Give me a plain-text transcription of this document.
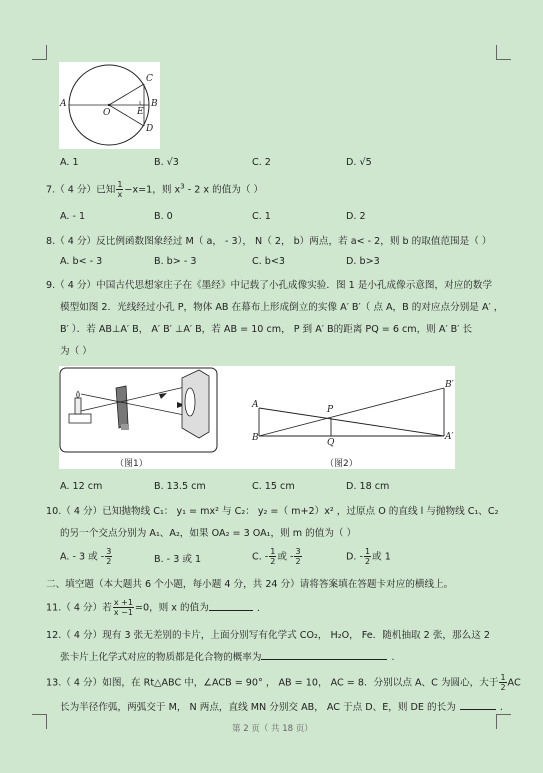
A
O
C
B
E
D
A. 1	B. √3	C. 2	D. √5
7.（ 4 分）已知 $\frac{1}{x} -x=1$，则 $x^3 - 2$ x 的值为（ ）
A. - 1	B. 0	C. 1	D. 2
8.（ 4 分）反比例函数图象经过 M（ a， - 3）， N（ 2， b）两点，若 a< - 2，则 b 的取值范围是（ ）
A. b< - 3	B. b> - 3	C. b<3	D. b>3
9.（ 4 分）中国古代思想家庄子在《墨经》中记载了小孔成像实验．图 1 是小孔成像示意图，对应的数学
模型如图 2．光线经过小孔 P，物体 AB 在幕布上形成倒立的实像 A′ B′（ 点 A，B 的对应点分别是 A′ ，
B′ ）．若 AB⊥A′ B， A′ B′ ⊥A′ B，若 AB = 10 cm， P 到 A′ B的距离 PQ = 6 cm，则 A′ B′ 长
为（ ）
A
B
P
Q
B′
A′
（图1）	（图2）
A. 12 cm	B. 13.5 cm	C. 15 cm	D. 18 cm
10.（ 4 分）已知抛物线 C₁： y₁ = mx² 与 C₂： y₂ =（ m+2）x² ，过原点 O 的直线 l 与抛物线 C₁、C₂
的另一个交点分别为 A₁、A₂，如果 OA₂ = 3 OA₁，则 m 的值为（ ）
A. - 3 或 - $\frac{3}{2}$	B. - 3 或 1	C. - $\frac{1}{2}$ 或 - $\frac{3}{2}$	D. - $\frac{1}{2}$ 或 1
二、填空题（本大题共 6 个小题，每小题 4 分，共 24 分）请将答案填在答题卡对应的横线上。
11.（ 4 分）若 $\frac{x +1}{x -1} =0$，则 x 的值为	.
12.（ 4 分）现有 3 张无差别的卡片，上面分别写有化学式 CO₂， H₂O， Fe．随机抽取 2 张，那么这 2
张卡片上化学式对应的物质都是化合物的概率为	.
13.（ 4 分）如图，在 Rt△ABC 中，∠ACB = 90° ， AB = 10， AC = 8．分别以点 A、C 为圆心，大于 $\frac{1}{2}$ AC
长为半径作弧，两弧交于 M， N 两点，直线 MN 分别交 AB， AC 于点 D、E，则 DE 的长为	.
第 2 页（ 共 18 页）
